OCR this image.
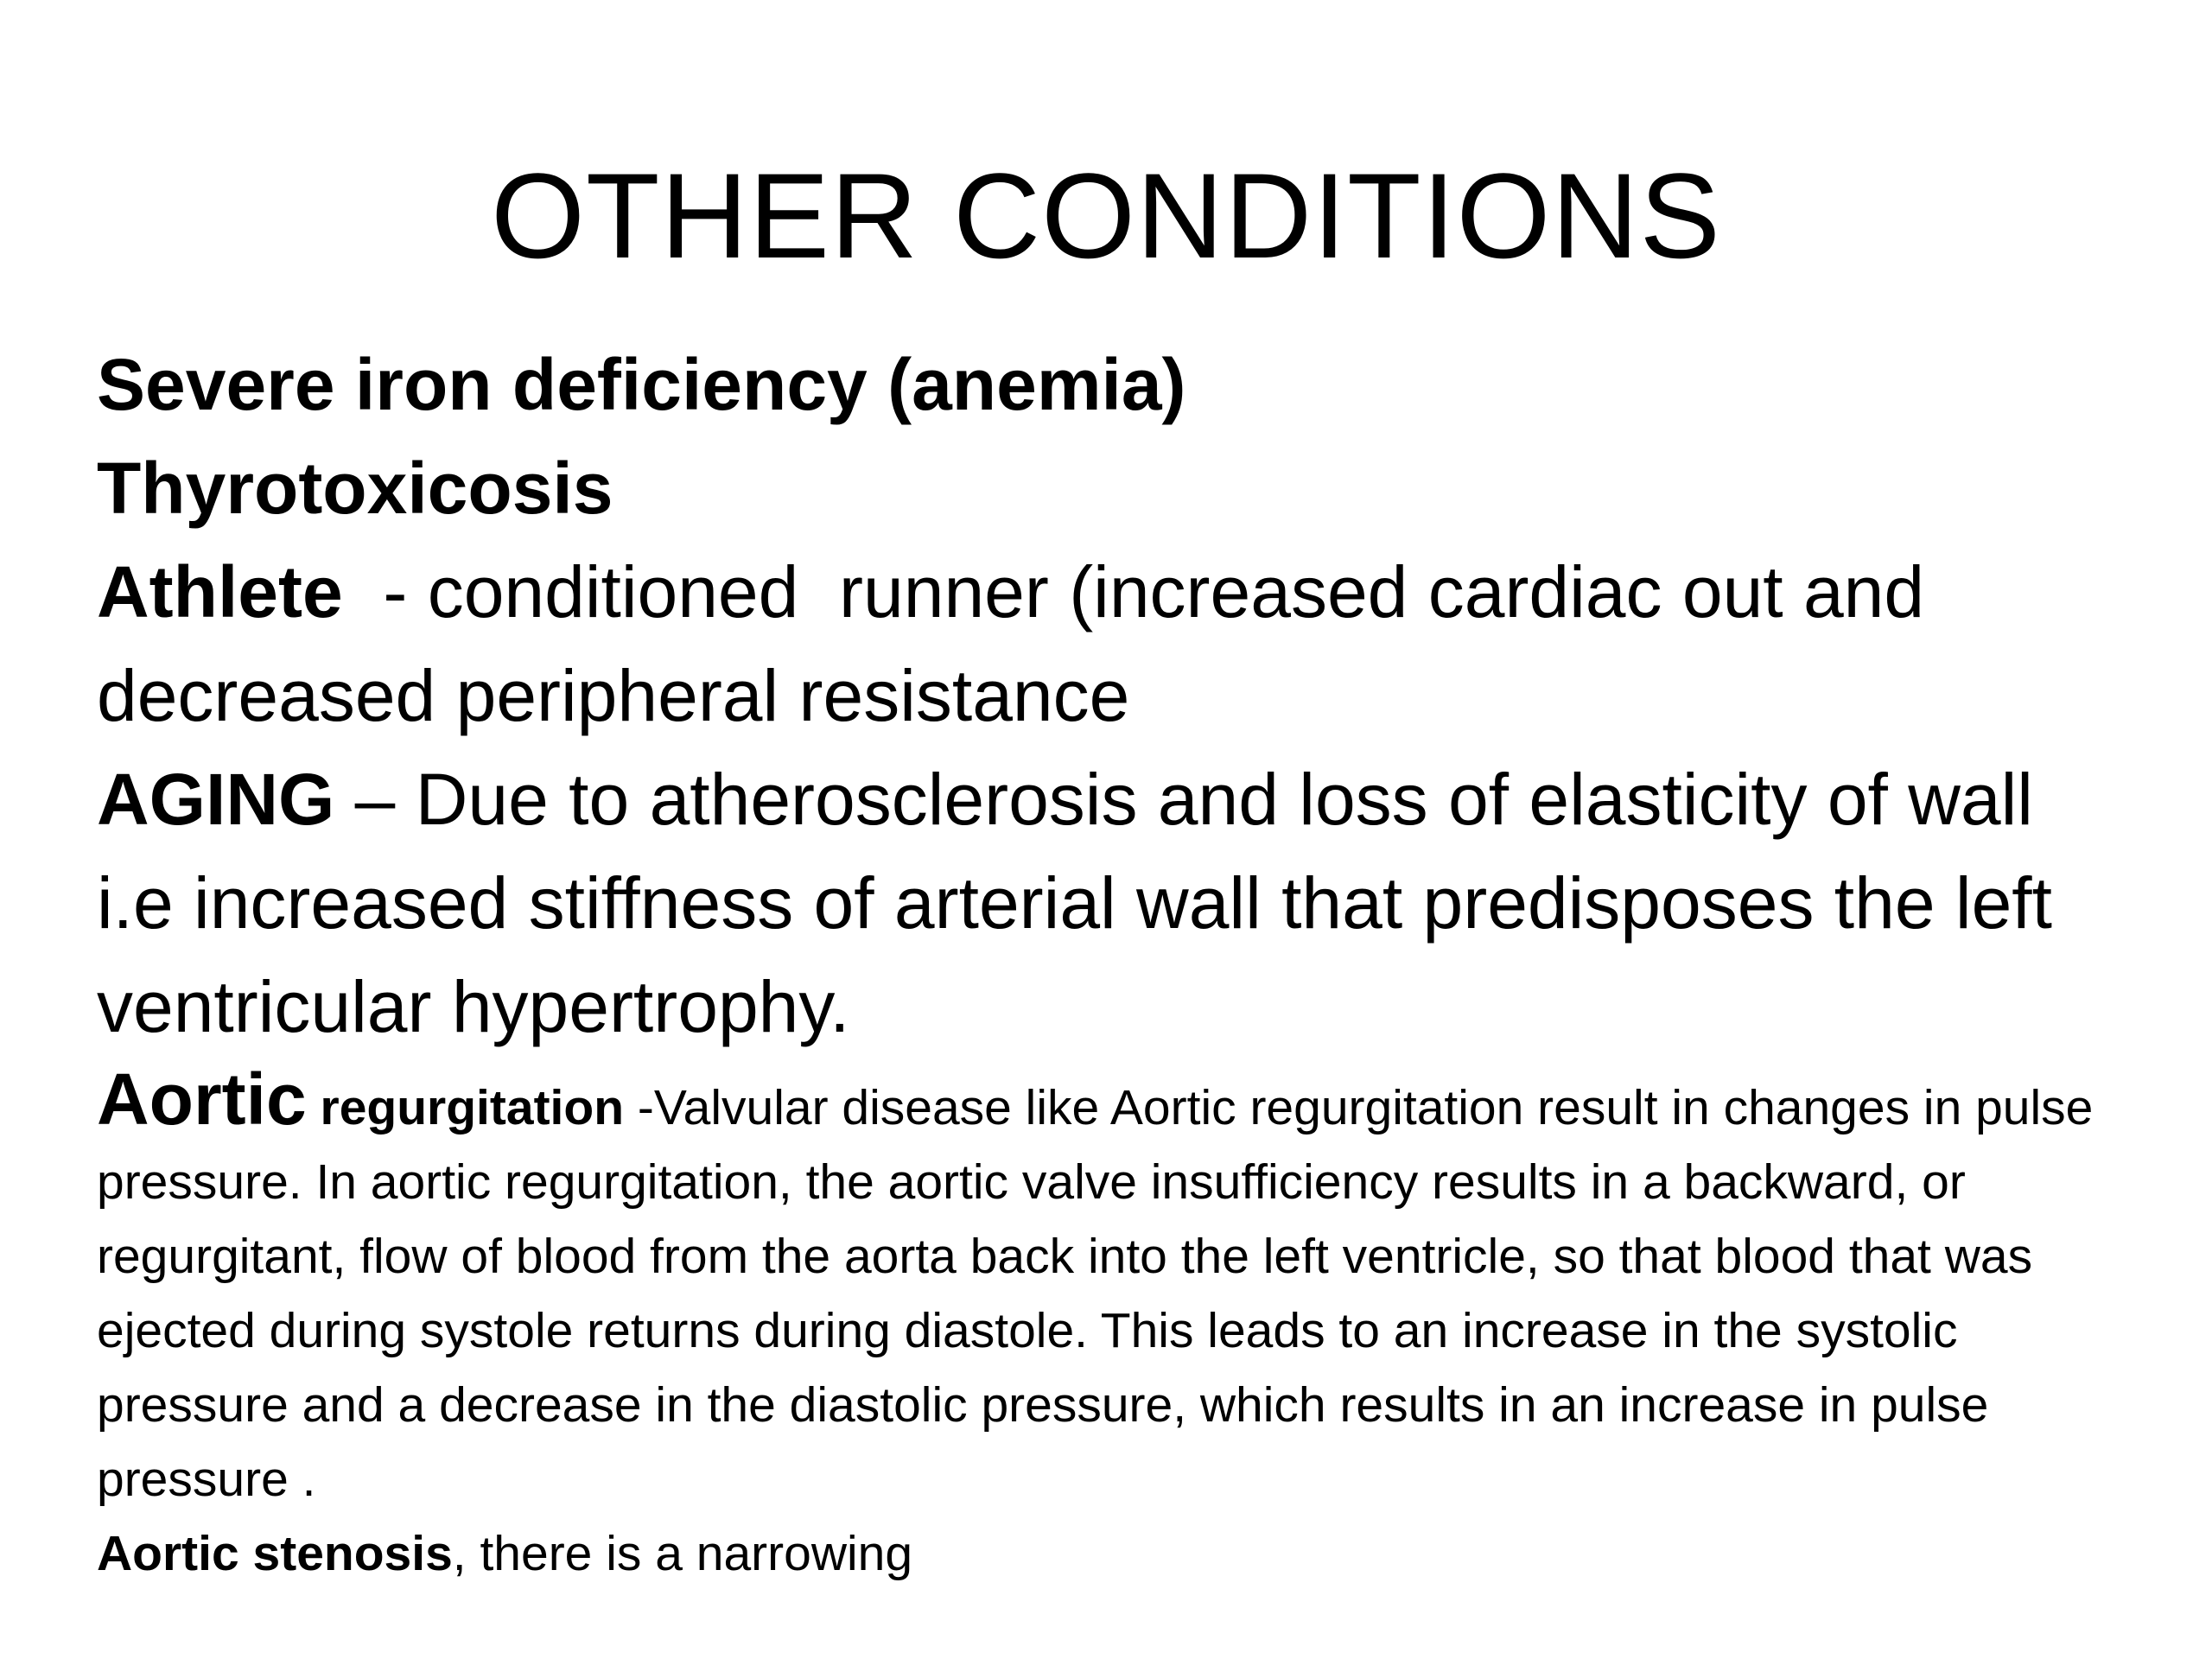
OTHER CONDITIONS

Severe iron deficiency (anemia)

Thyrotoxicosis

Athlete  - conditioned  runner (increased cardiac out and decreased peripheral resistance

AGING – Due to atherosclerosis and loss of elasticity of wall i.e increased stiffness of arterial wall that predisposes the left ventricular hypertrophy.

Aortic regurgitation -Valvular disease like Aortic regurgitation result in changes in pulse pressure. In aortic regurgitation, the aortic valve insufficiency results in a backward, or regurgitant, flow of blood from the aorta back into the left ventricle, so that blood that was ejected during systole returns during diastole. This leads to an increase in the systolic pressure and a decrease in the diastolic pressure, which results in an increase in pulse pressure .

Aortic stenosis, there is a narrowing
